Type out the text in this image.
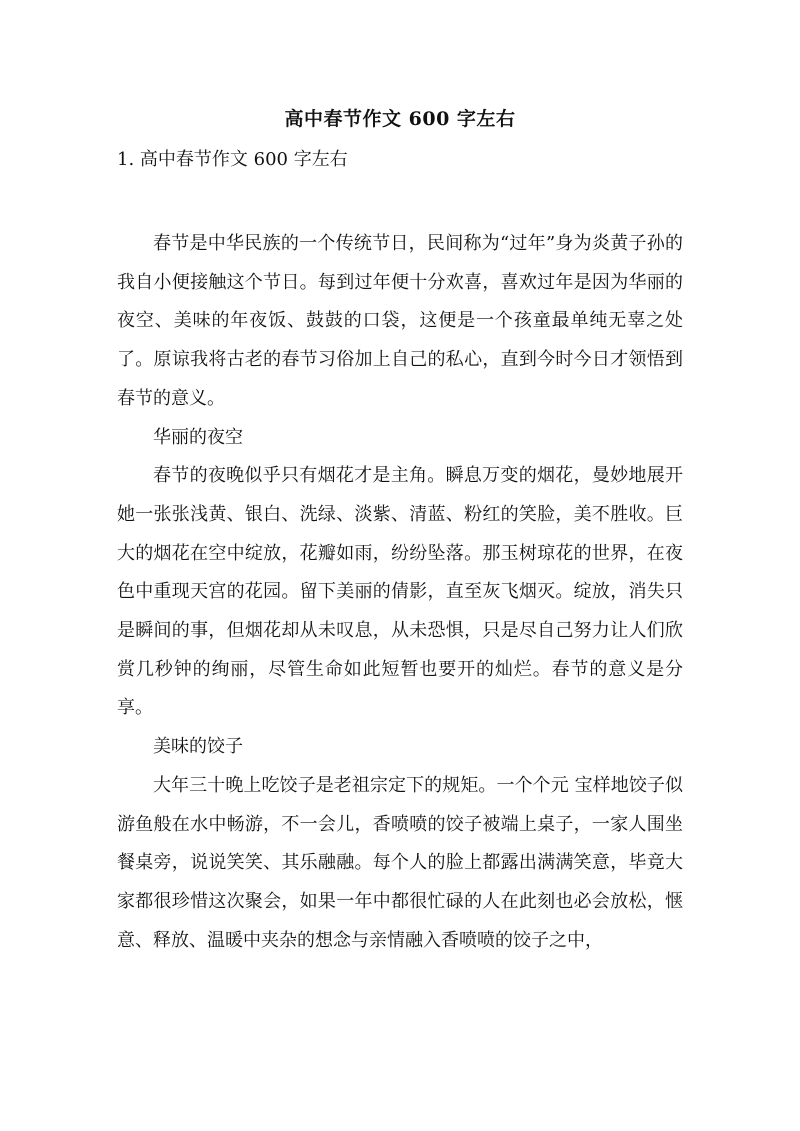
高中春节作文 600 字左右
1. 高中春节作文 600 字左右

春节是中华民族的一个传统节日，民间称为“过年”身为炎黄子孙的我自小便接触这个节日。每到过年便十分欢喜，喜欢过年是因为华丽的夜空、美味的年夜饭、鼓鼓的口袋，这便是一个孩童最单纯无辜之处了。原谅我将古老的春节习俗加上自己的私心，直到今时今日才领悟到春节的意义。

华丽的夜空

春节的夜晚似乎只有烟花才是主角。瞬息万变的烟花，曼妙地展开她一张张浅黄、银白、洗绿、淡紫、清蓝、粉红的笑脸，美不胜收。巨大的烟花在空中绽放，花瓣如雨，纷纷坠落。那玉树琼花的世界，在夜色中重现天宫的花园。留下美丽的倩影，直至灰飞烟灭。绽放，消失只是瞬间的事，但烟花却从未叹息，从未恐惧，只是尽自己努力让人们欣赏几秒钟的绚丽，尽管生命如此短暂也要开的灿烂。春节的意义是分享。

美味的饺子

大年三十晚上吃饺子是老祖宗定下的规矩。一个个元 宝样地饺子似游鱼般在水中畅游，不一会儿，香喷喷的饺子被端上桌子，一家人围坐餐桌旁，说说笑笑、其乐融融。每个人的脸上都露出满满笑意，毕竟大家都很珍惜这次聚会，如果一年中都很忙碌的人在此刻也必会放松，惬意、释放、温暖中夹杂的想念与亲情融入香喷喷的饺子之中，
